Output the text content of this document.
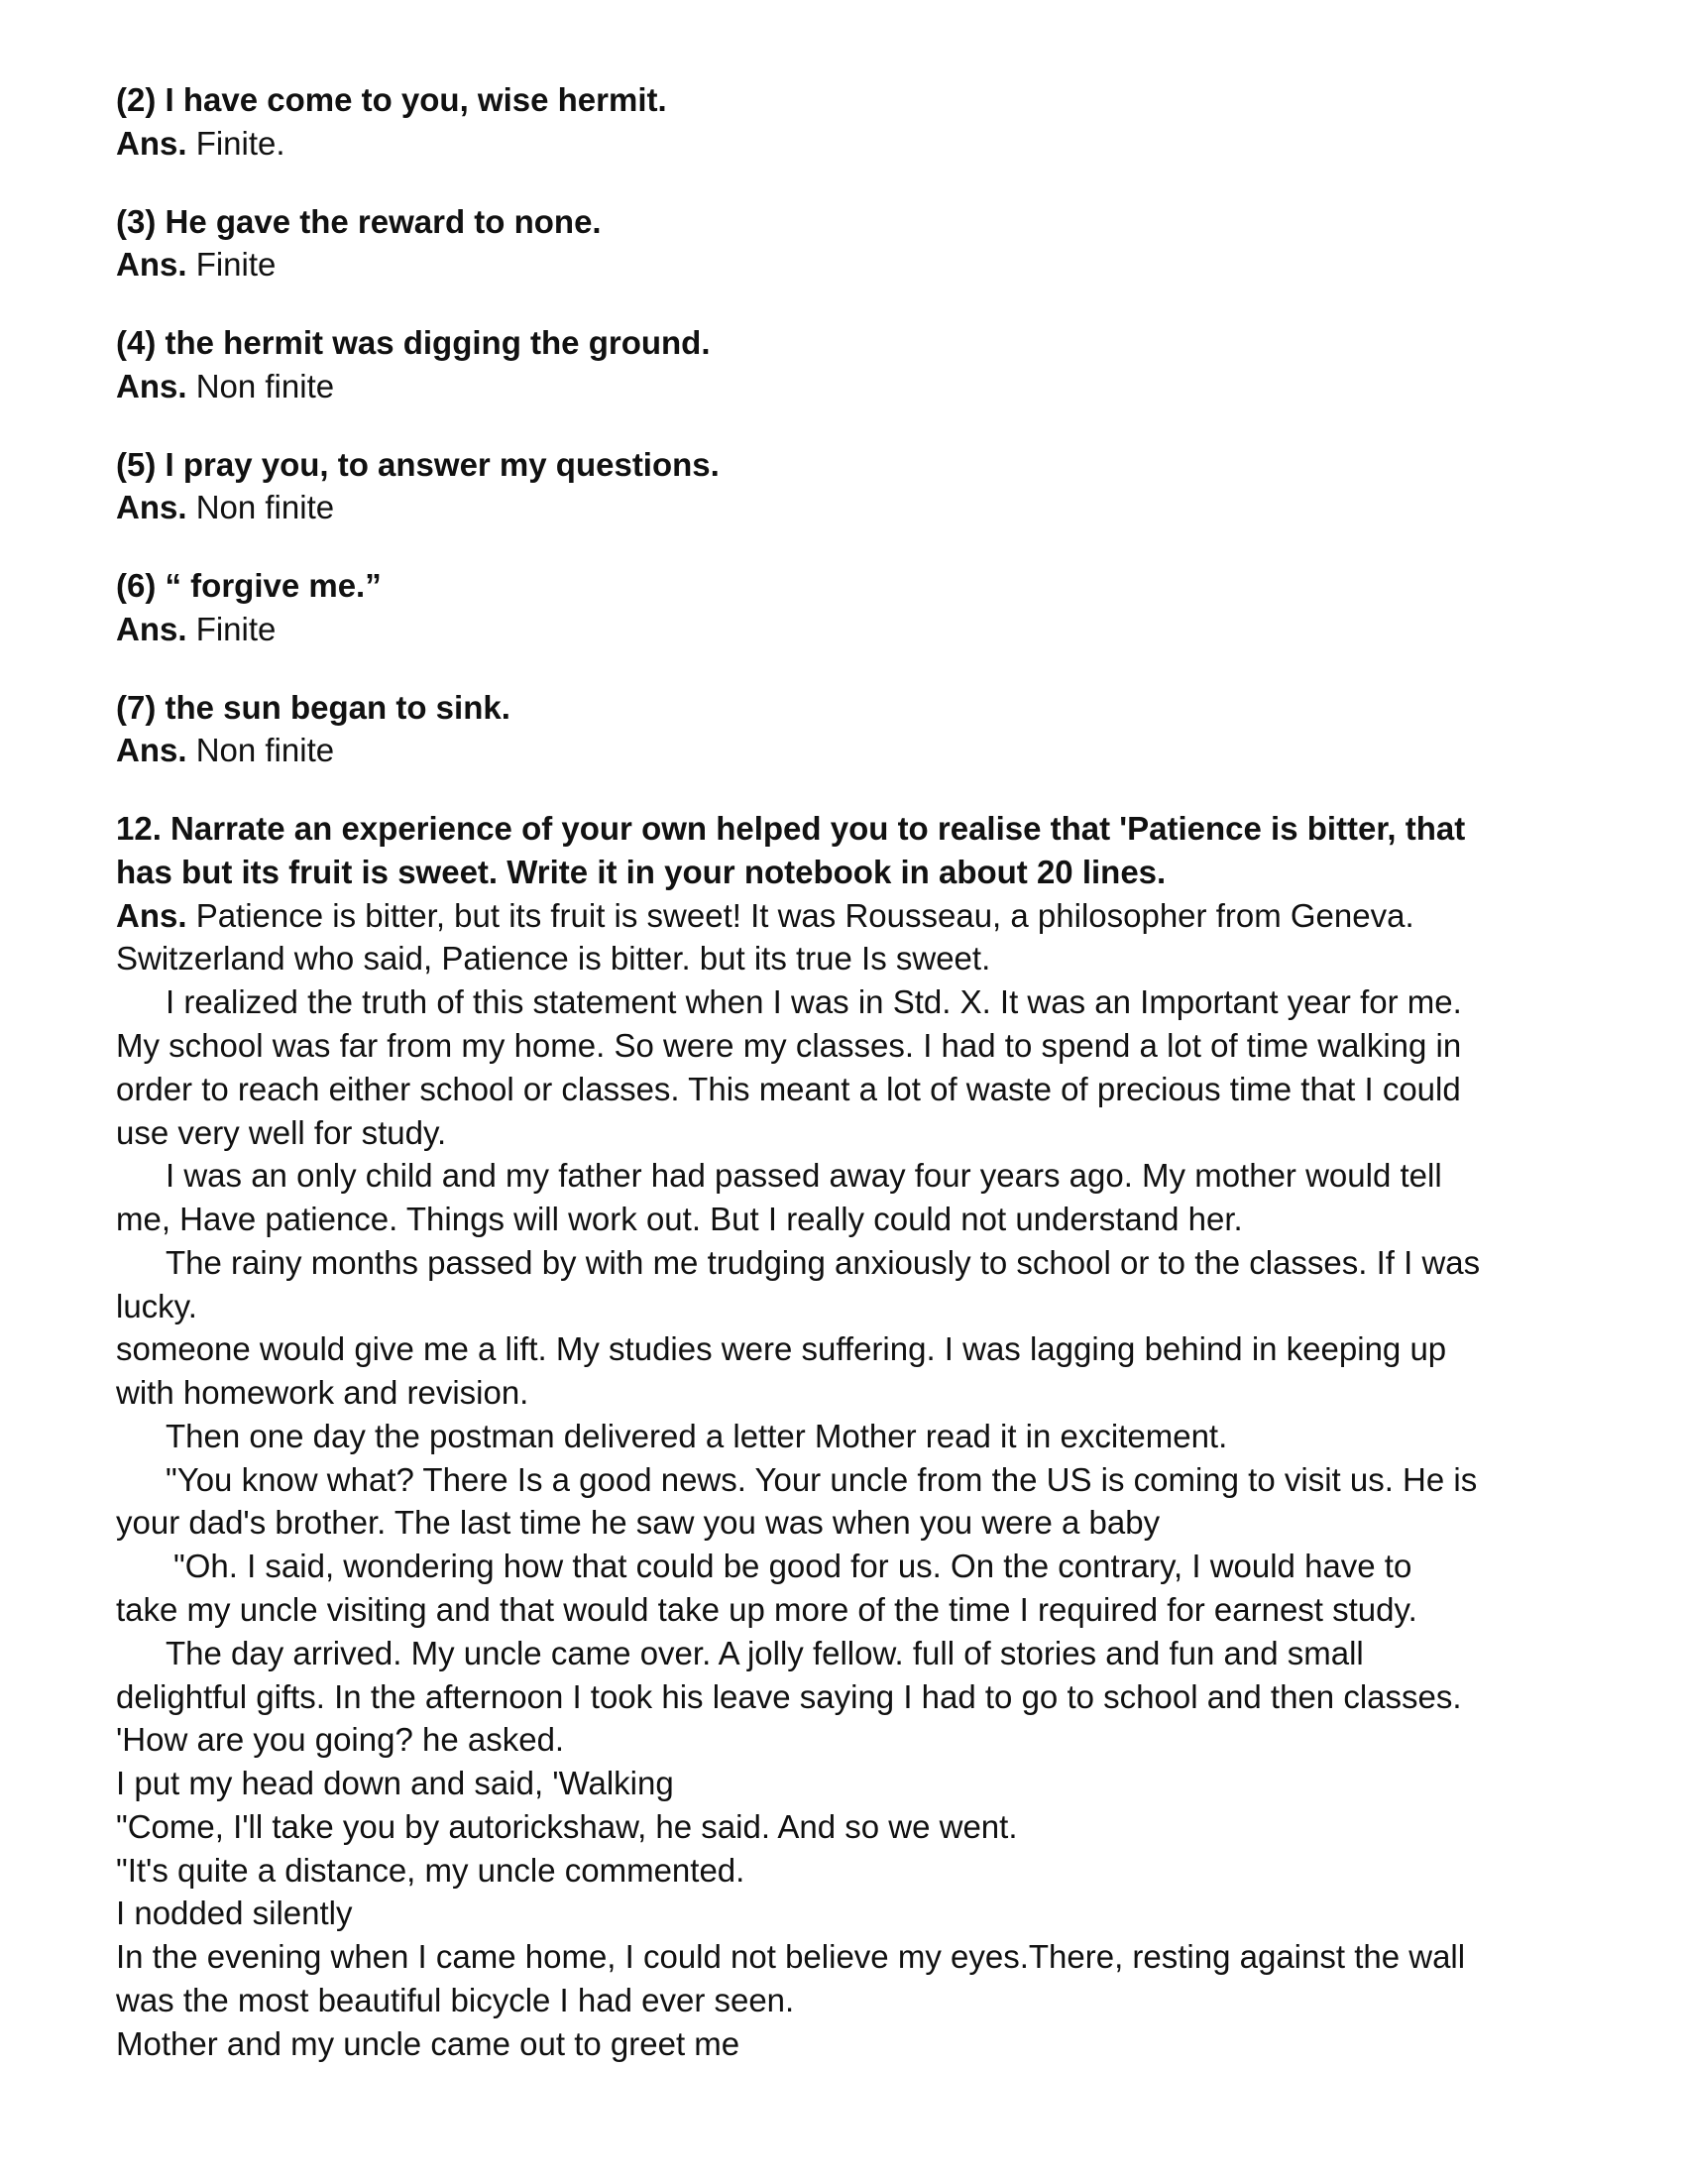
(2) I have come to you, wise hermit.
Ans. Finite.
(3) He gave the reward to none.
Ans. Finite
(4) the hermit was digging the ground.
Ans. Non finite
(5) I pray you, to answer my questions.
Ans. Non finite
(6) “ forgive me.”
Ans. Finite
(7) the sun began to sink.
Ans. Non finite
12. Narrate an experience of your own helped you to realise that 'Patience is bitter, that
has but its fruit is sweet. Write it in your notebook in about 20 lines.
Ans. Patience is bitter, but its fruit is sweet! It was Rousseau, a philosopher from Geneva.
Switzerland who said, Patience is bitter. but its true Is sweet.
I realized the truth of this statement when I was in Std. X. It was an Important year for me.
My school was far from my home. So were my classes. I had to spend a lot of time walking in
order to reach either school or classes. This meant a lot of waste of precious time that I could
use very well for study.
I was an only child and my father had passed away four years ago. My mother would tell
me, Have patience. Things will work out. But I really could not understand her.
The rainy months passed by with me trudging anxiously to school or to the classes. If I was
lucky.
someone would give me a lift. My studies were suffering. I was lagging behind in keeping up
with homework and revision.
Then one day the postman delivered a letter Mother read it in excitement.
"You know what? There Is a good news. Your uncle from the US is coming to visit us. He is
your dad's brother. The last time he saw you was when you were a baby
"Oh. I said, wondering how that could be good for us. On the contrary, I would have to
take my uncle visiting and that would take up more of the time I required for earnest study.
The day arrived. My uncle came over. A jolly fellow. full of stories and fun and small
delightful gifts. In the afternoon I took his leave saying I had to go to school and then classes.
'How are you going? he asked.
I put my head down and said, 'Walking
"Come, I'll take you by autorickshaw, he said. And so we went.
"It's quite a distance, my uncle commented.
I nodded silently
In the evening when I came home, I could not believe my eyes.There, resting against the wall
was the most beautiful bicycle I had ever seen.
Mother and my uncle came out to greet me
